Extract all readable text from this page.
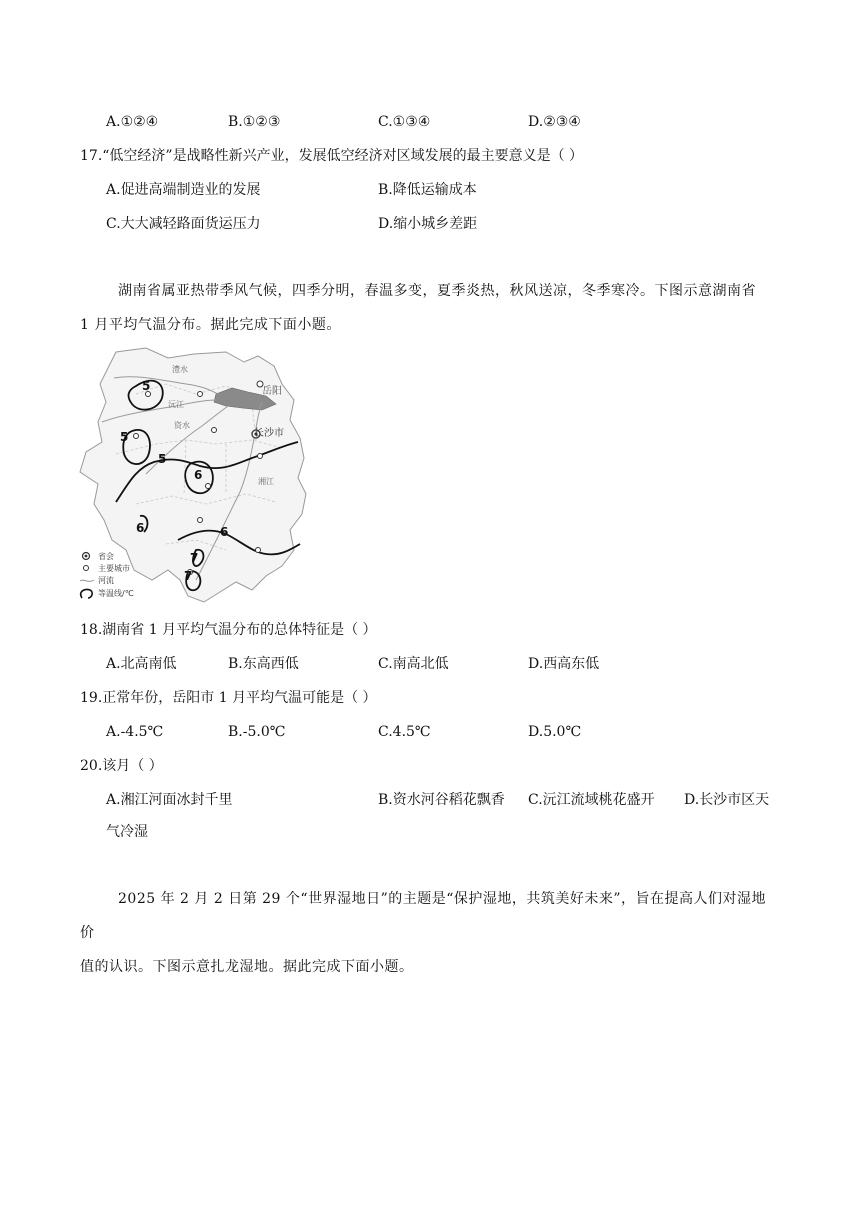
A.①②④	B.①②③	C.①③④	D.②③④
17.“低空经济”是战略性新兴产业，发展低空经济对区域发展的最主要意义是（ ）
A.促进高端制造业的发展	B.降低运输成本
C.大大减轻路面货运压力	D.缩小城乡差距
湖南省属亚热带季风气候，四季分明，春温多变，夏季炎热，秋风送凉，冬季寒冷。下图示意湖南省
1 月平均气温分布。据此完成下面小题。
澧水
沅江
资水
湘江
岳阳
长沙市
5
5
5
6
6	6
7
7
省会
主要城市
河流
等温线/℃
18.湖南省 1 月平均气温分布的总体特征是（ ）
A.北高南低	B.东高西低	C.南高北低	D.西高东低
19.正常年份，岳阳市 1 月平均气温可能是（ ）
A.-4.5℃	B.-5.0℃	C.4.5℃	D.5.0℃
20.该月（ ）
A.湘江河面冰封千里	B.资水河谷稻花飘香 C.沅江流域桃花盛开 D.长沙市区天
气冷湿
2025 年 2 月 2 日第 29 个“世界湿地日”的主题是“保护湿地，共筑美好未来”，旨在提高人们对湿地价
值的认识。下图示意扎龙湿地。据此完成下面小题。
